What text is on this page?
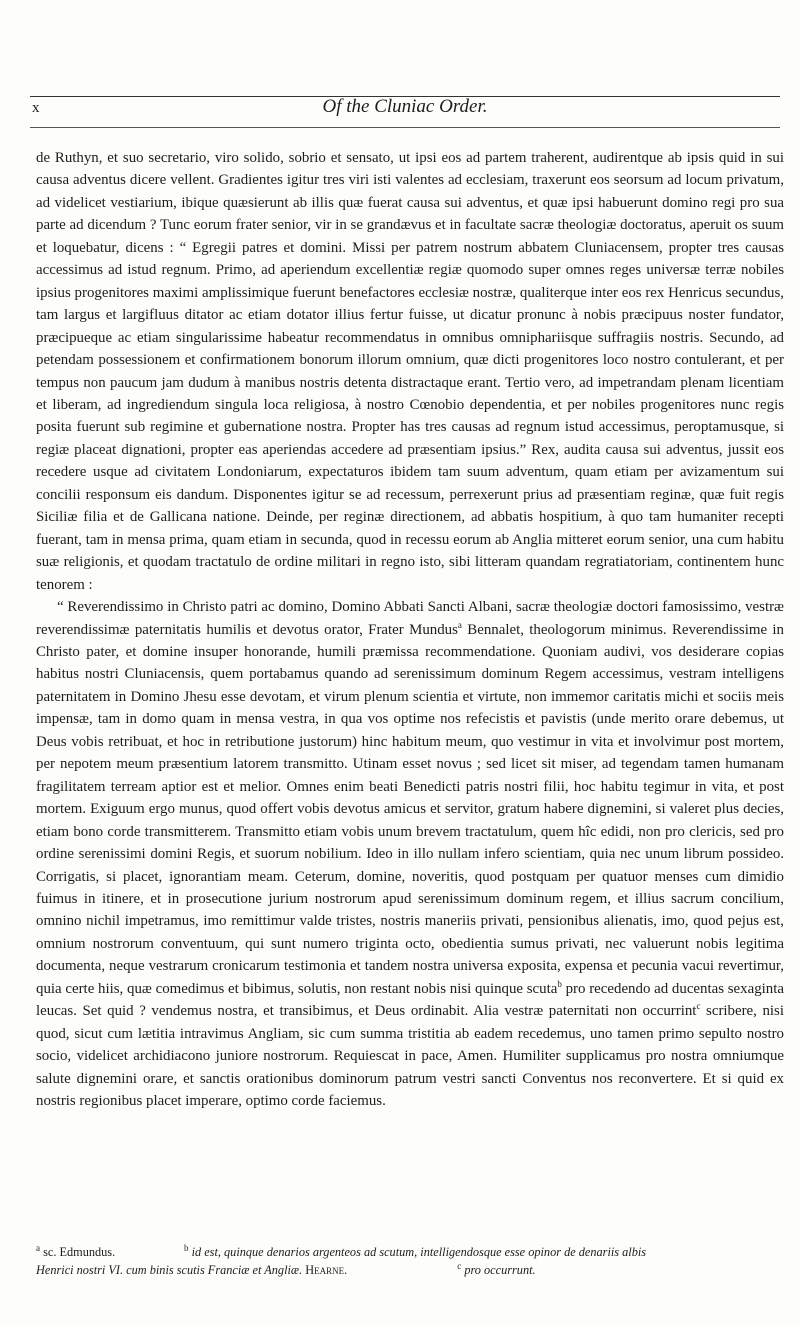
x	Of the Cluniac Order.

de Ruthyn, et suo secretario, viro solido, sobrio et sensato, ut ipsi eos ad partem traherent, audirentque ab ipsis quid in sui causa adventus dicere vellent. Gradientes igitur tres viri isti valentes ad ecclesiam, traxerunt eos seorsum ad locum privatum, ad videlicet vestiarium, ibique quæsierunt ab illis quæ fuerat causa sui adventus, et quæ ipsi habuerunt domino regi pro sua parte ad dicendum ? Tunc eorum frater senior, vir in se grandævus et in facultate sacræ theologiæ doctoratus, aperuit os suum et loquebatur, dicens : “ Egregii patres et domini. Missi per patrem nostrum abbatem Cluniacensem, propter tres causas accessimus ad istud regnum. Primo, ad aperiendum excellentiæ regiæ quomodo super omnes reges universæ terræ nobiles ipsius progenitores maximi amplissimique fuerunt benefactores ecclesiæ nostræ, qualiterque inter eos rex Henricus secundus, tam largus et largifluus ditator ac etiam dotator illius fertur fuisse, ut dicatur pronunc à nobis præcipuus noster fundator, præcipueque ac etiam singularissime habeatur recommendatus in omnibus omniphariisque suffragiis nostris. Secundo, ad petendam possessionem et confirmationem bonorum illorum omnium, quæ dicti progenitores loco nostro contulerant, et per tempus non paucum jam dudum à manibus nostris detenta distractaque erant. Tertio vero, ad impetrandam plenam licentiam et liberam, ad ingrediendum singula loca religiosa, à nostro Cœnobio dependentia, et per nobiles progenitores nunc regis posita fuerunt sub regimine et gubernatione nostra. Propter has tres causas ad regnum istud accessimus, peroptamusque, si regiæ placeat dignationi, propter eas aperiendas accedere ad præsentiam ipsius.” Rex, audita causa sui adventus, jussit eos recedere usque ad civitatem Londoniarum, expectaturos ibidem tam suum adventum, quam etiam per avizamentum sui concilii responsum eis dandum. Disponentes igitur se ad recessum, perrexerunt prius ad præsentiam reginæ, quæ fuit regis Siciliæ filia et de Gallicana natione. Deinde, per reginæ directionem, ad abbatis hospitium, à quo tam humaniter recepti fuerant, tam in mensa prima, quam etiam in secunda, quod in recessu eorum ab Anglia mitteret eorum senior, una cum habitu suæ religionis, et quodam tractatulo de ordine militari in regno isto, sibi litteram quandam regratiatoriam, continentem hunc tenorem :

“ Reverendissimo in Christo patri ac domino, Domino Abbati Sancti Albani, sacræ theologiæ doctori famosissimo, vestræ reverendissimæ paternitatis humilis et devotus orator, Frater Mundus$^a$ Bennalet, theologorum minimus. Reverendissime in Christo pater, et domine insuper honorande, humili præmissa recommendatione. Quoniam audivi, vos desiderare copias habitus nostri Cluniacensis, quem portabamus quando ad serenissimum dominum Regem accessimus, vestram intelligens paternitatem in Domino Jhesu esse devotam, et virum plenum scientia et virtute, non immemor caritatis michi et sociis meis impensæ, tam in domo quam in mensa vestra, in qua vos optime nos refecistis et pavistis (unde merito orare debemus, ut Deus vobis retribuat, et hoc in retributione justorum) hinc habitum meum, quo vestimur in vita et involvimur post mortem, per nepotem meum præsentium latorem transmitto. Utinam esset novus ; sed licet sit miser, ad tegendam tamen humanam fragilitatem terream aptior est et melior. Omnes enim beati Benedicti patris nostri filii, hoc habitu tegimur in vita, et post mortem. Exiguum ergo munus, quod offert vobis devotus amicus et servitor, gratum habere dignemini, si valeret plus decies, etiam bono corde transmitterem. Transmitto etiam vobis unum brevem tractatulum, quem hîc edidi, non pro clericis, sed pro ordine serenissimi domini Regis, et suorum nobilium. Ideo in illo nullam infero scientiam, quia nec unum librum possideo. Corrigatis, si placet, ignorantiam meam. Ceterum, domine, noveritis, quod postquam per quatuor menses cum dimidio fuimus in itinere, et in prosecutione jurium nostrorum apud serenissimum dominum regem, et illius sacrum concilium, omnino nichil impetramus, imo remittimur valde tristes, nostris maneriis privati, pensionibus alienatis, imo, quod pejus est, omnium nostrorum conventuum, qui sunt numero triginta octo, obedientia sumus privati, nec valuerunt nobis legitima documenta, neque vestrarum cronicarum testimonia et tandem nostra universa exposita, expensa et pecunia vacui revertimur, quia certe hiis, quæ comedimus et bibimus, solutis, non restant nobis nisi quinque scuta$^b$ pro recedendo ad ducentas sexaginta leucas. Set quid ? vendemus nostra, et transibimus, et Deus ordinabit. Alia vestræ paternitati non occurrint$^c$ scribere, nisi quod, sicut cum lætitia intravimus Angliam, sic cum summa tristitia ab eadem recedemus, uno tamen primo sepulto nostro socio, videlicet archidiacono juniore nostrorum. Requiescat in pace, Amen. Humiliter supplicamus pro nostra omniumque salute dignemini orare, et sanctis orationibus dominorum patrum vestri sancti Conventus nos reconvertere. Et si quid ex nostris regionibus placet imperare, optimo corde faciemus.

$^a$ sc. Edmundus.	$^b$ id est, quinque denarios argenteos ad scutum, intelligendosque esse opinor de denariis albis
Henrici nostri VI. cum binis scutis Franciæ et Angliæ.
Hearne.	$^c$ pro occurrunt.
